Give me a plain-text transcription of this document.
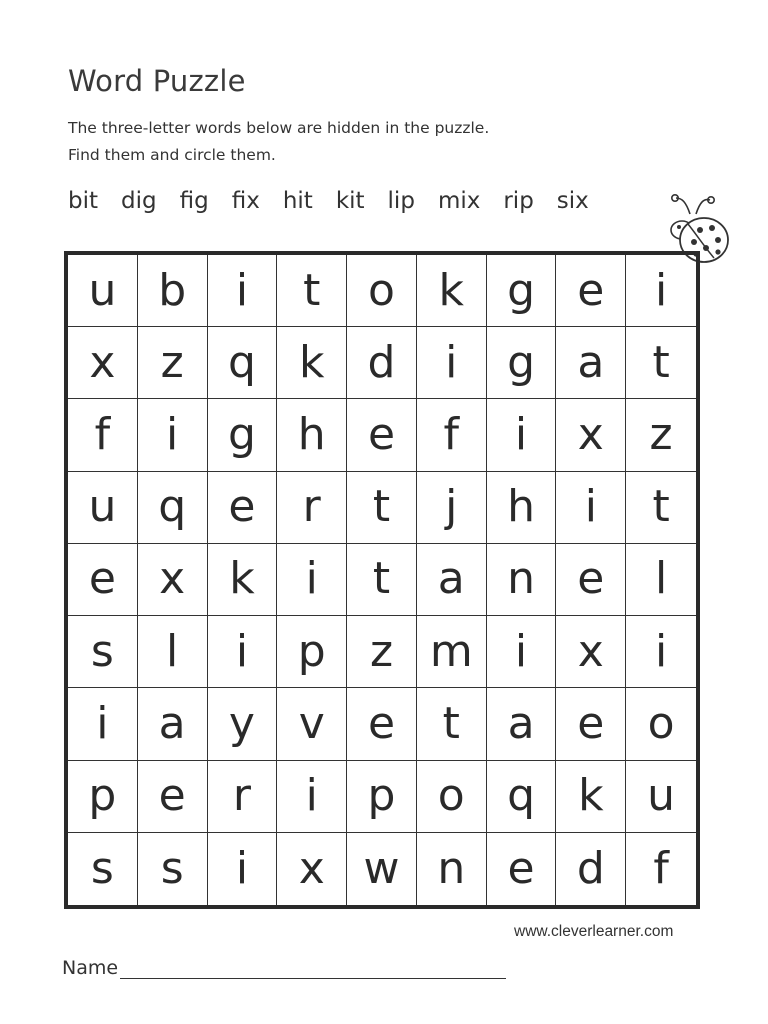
Word Puzzle
The three-letter words below are hidden in the puzzle.
Find them and circle them.
bit dig fig fix hit kit lip mix rip six
u b	i	t	o k g e	i
x	z	q k d	i	g a	t
f	i	g h e	f	i	x	z
u q e	r	t	j	h	i	t
e x	k	i	t	a n e	l
s	l	i	p	z m i	x	i
i	a y v e	t	a e o
p e	r	i	p o q k u
s	s	i	x w n e d	f
www.cleverlearner.com
Name
